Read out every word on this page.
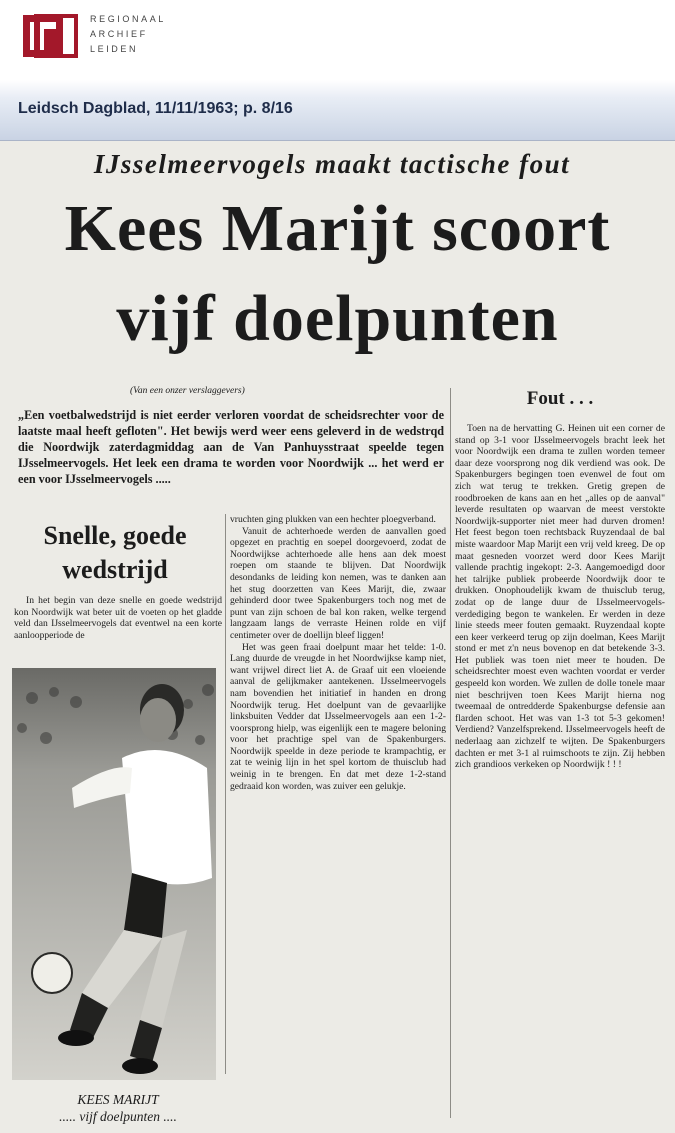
REGIONAAL
ARCHIEF
LEIDEN
Leidsch Dagblad, 11/11/1963; p. 8/16
IJsselmeervogels maakt tactische fout
Kees Marijt scoort
vijf doelpunten
(Van een onzer verslaggevers)
„Een voetbalwedstrijd is niet eerder verloren voordat de scheidsrechter voor de laatste maal heeft gefloten". Het bewijs werd weer eens geleverd in de wedstrqd die Noordwijk zaterdagmiddag aan de Van Panhuysstraat speelde tegen IJsselmeervogels. Het leek een drama te worden voor Noordwijk ... het werd er een voor IJsselmeervogels .....
Snelle, goede
wedstrijd

In het begin van deze snelle en goede wedstrijd kon Noordwijk wat beter uit de voeten op het gladde veld dan IJsselmeervogels dat eventwel na een korte aanloopperiode de

KEES MARIJT
..... vijf doelpunten ....

vruchten ging plukken van een hechter ploegverband.

Vanuit de achterhoede werden de aanvallen goed opgezet en prachtig en soepel doorgevoerd, zodat de Noordwijkse achterhoede alle hens aan dek moest roepen om staande te blijven. Dat Noordwijk desondanks de leiding kon nemen, was te danken aan het stug doorzetten van Kees Marijt, die, zwaar gehinderd door twee Spakenburgers toch nog met de punt van zijn schoen de bal kon raken, welke tergend langzaam langs de verraste Heinen rolde en vijf centimeter over de doellijn bleef liggen!

Het was geen fraai doelpunt maar het telde: 1-0. Lang duurde de vreugde in het Noordwijkse kamp niet, want vrijwel direct liet A. de Graaf uit een vloeiende aanval de gelijkmaker aantekenen. IJsselmeervogels nam bovendien het initiatief in handen en drong Noordwijk terug. Het doelpunt van de gevaarlijke linksbuiten Vedder dat IJsselmeervogels aan een 1-2-voorsprong hielp, was eigenlijk een te magere beloning voor het prachtige spel van de Spakenburgers. Noordwijk speelde in deze periode te krampachtig, er zat te weinig lijn in het spel kortom de thuisclub had weinig in te brengen. En dat met deze 1-2-stand gedraaid kon worden, was zuiver een gelukje.

Fout . . .

Toen na de hervatting G. Heinen uit een corner de stand op 3-1 voor IJsselmeervogels bracht leek het voor Noordwijk een drama te zullen worden temeer daar deze voorsprong nog dik verdiend was ook. De Spakenburgers begingen toen evenwel de fout om zich wat terug te trekken. Gretig grepen de roodbroeken de kans aan en het „alles op de aanval" leverde resultaten op waarvan de meest verstokte Noordwijk-supporter niet meer had durven dromen! Het feest begon toen rechtsback Ruyzendaal de bal miste waardoor Map Marijt een vrij veld kreeg. De op maat gesneden voorzet werd door Kees Marijt vallende prachtig ingekopt: 2-3. Aangemoedigd door het talrijke publiek probeerde Noordwijk door te drukken. Onophoudelijk kwam de thuisclub terug, zodat op de lange duur de IJsselmeervogels-verdediging begon te wankelen. Er werden in deze linie steeds meer fouten gemaakt. Ruyzendaal kopte een keer verkeerd terug op zijn doelman, Kees Marijt stond er met z'n neus bovenop en dat betekende 3-3. Het publiek was toen niet meer te houden. De scheidsrechter moest even wachten voordat er verder gespeeld kon worden. We zullen de dolle tonele maar niet beschrijven toen Kees Marijt hierna nog tweemaal de ontredderde Spakenburgse defensie aan flarden schoot. Het was van 1-3 tot 5-3 gekomen! Verdiend? Vanzelfsprekend. IJsselmeervogels heeft de nederlaag aan zichzelf te wijten. De Spakenburgers dachten er met 3-1 al ruimschoots te zijn. Zij hebben zich grandioos verkeken op Noordwijk ! ! !
